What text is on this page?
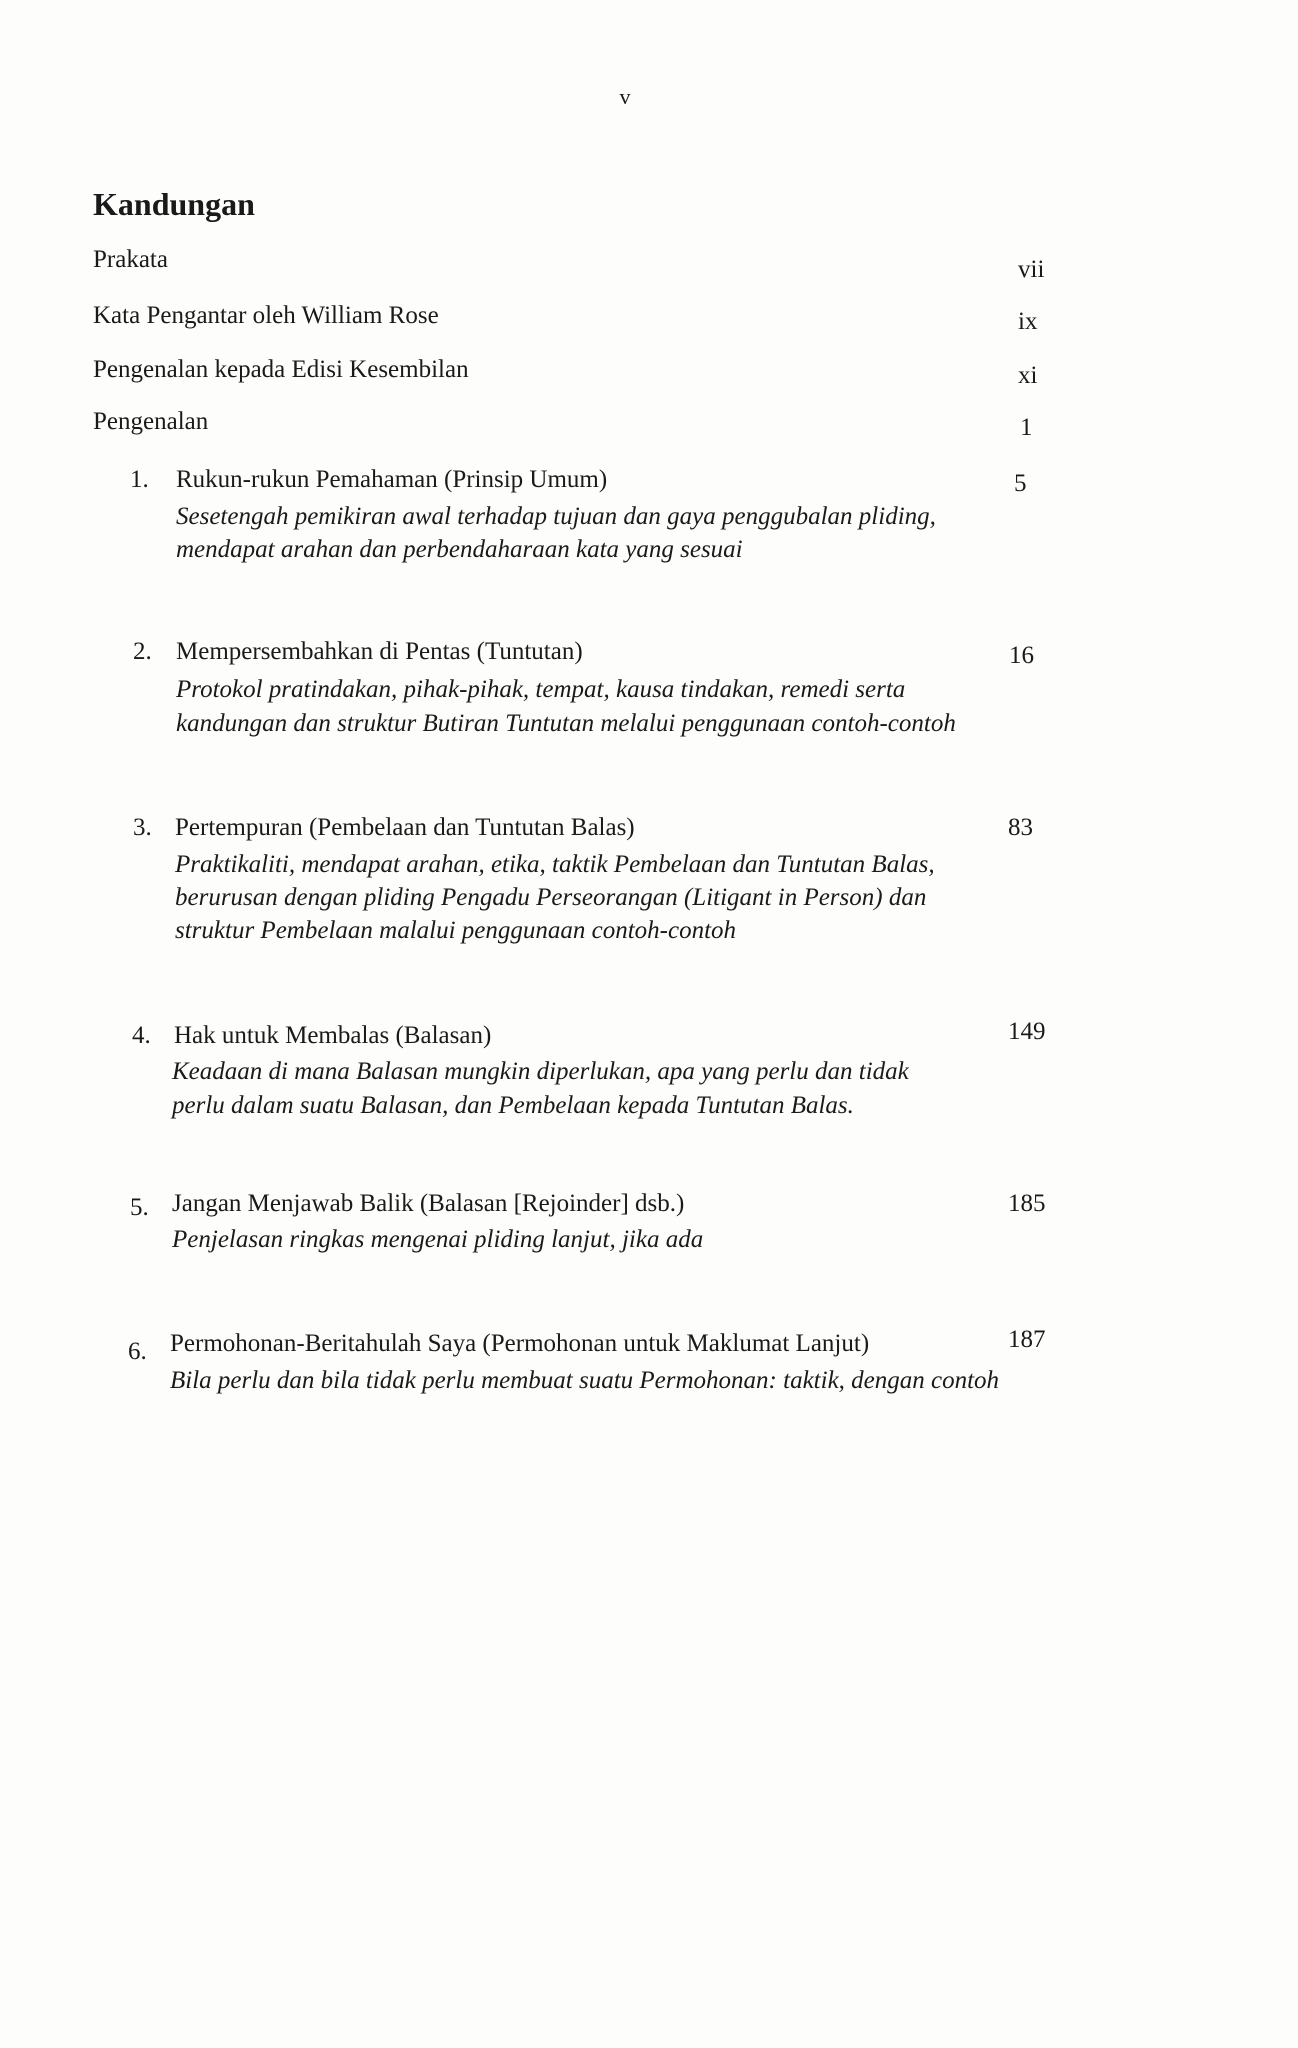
v
Kandungan
Prakata	vii
Kata Pengantar oleh William Rose	ix
Pengenalan kepada Edisi Kesembilan	xi
Pengenalan	1
1. Rukun-rukun Pemahaman (Prinsip Umum)	5
Sesetengah pemikiran awal terhadap tujuan dan gaya penggubalan pliding,
mendapat arahan dan perbendaharaan kata yang sesuai
2. Mempersembahkan di Pentas (Tuntutan)	16
Protokol pratindakan, pihak-pihak, tempat, kausa tindakan, remedi serta
kandungan dan struktur Butiran Tuntutan melalui penggunaan contoh-contoh
3. Pertempuran (Pembelaan dan Tuntutan Balas)	83
Praktikaliti, mendapat arahan, etika, taktik Pembelaan dan Tuntutan Balas,
berurusan dengan pliding Pengadu Perseorangan (Litigant in Person) dan
struktur Pembelaan malalui penggunaan contoh-contoh
4. Hak untuk Membalas (Balasan)	149
Keadaan di mana Balasan mungkin diperlukan, apa yang perlu dan tidak
perlu dalam suatu Balasan, dan Pembelaan kepada Tuntutan Balas.
5. Jangan Menjawab Balik (Balasan [Rejoinder] dsb.)	185
Penjelasan ringkas mengenai pliding lanjut, jika ada
6. Permohonan-Beritahulah Saya (Permohonan untuk Maklumat Lanjut)	187
Bila perlu dan bila tidak perlu membuat suatu Permohonan: taktik, dengan contoh
